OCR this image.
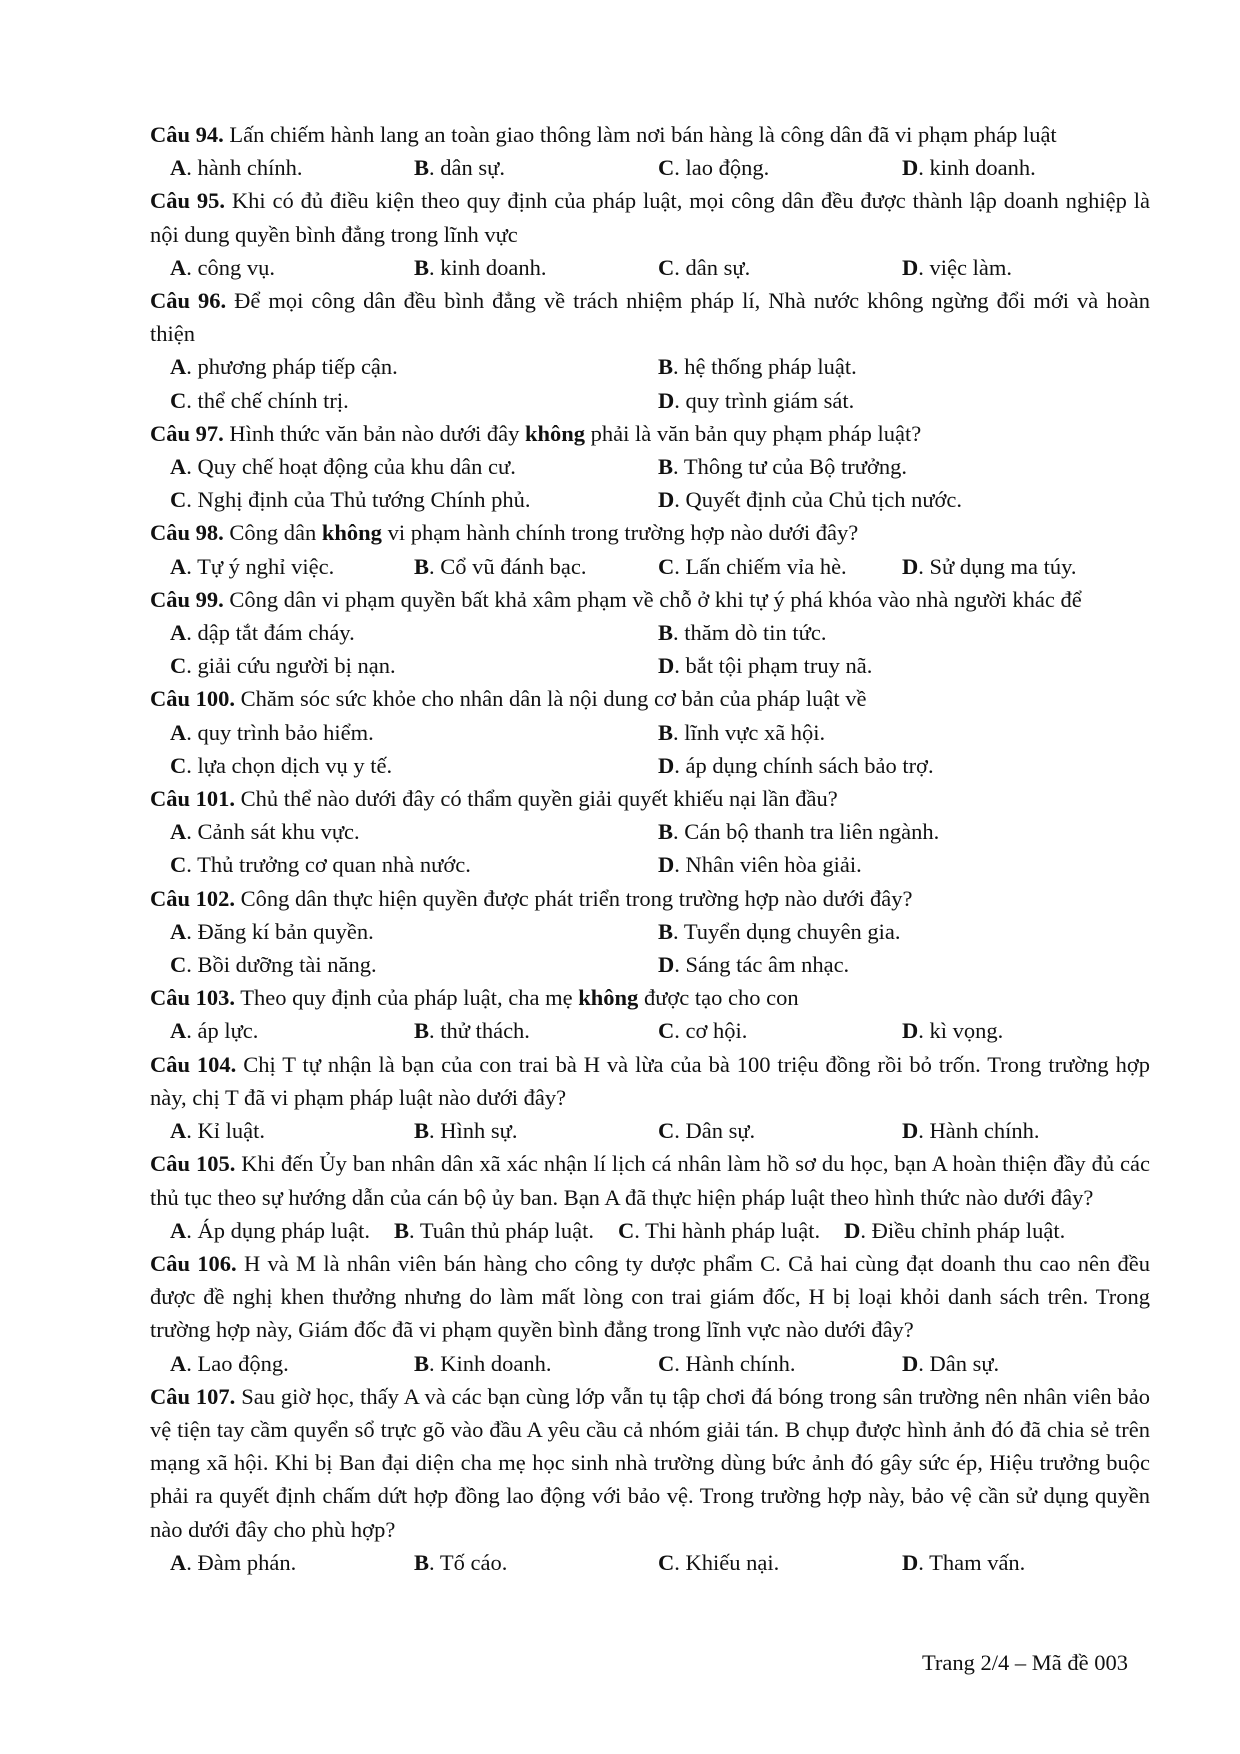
Câu 94. Lấn chiếm hành lang an toàn giao thông làm nơi bán hàng là công dân đã vi phạm pháp luật

A. hành chính.	B. dân sự.	C. lao động.	D. kinh doanh.

Câu 95. Khi có đủ điều kiện theo quy định của pháp luật, mọi công dân đều được thành lập doanh nghiệp là nội dung quyền bình đẳng trong lĩnh vực

A. công vụ.	B. kinh doanh.	C. dân sự.	D. việc làm.

Câu 96. Để mọi công dân đều bình đẳng về trách nhiệm pháp lí, Nhà nước không ngừng đổi mới và hoàn thiện

A. phương pháp tiếp cận.	B. hệ thống pháp luật.
C. thể chế chính trị.	D. quy trình giám sát.

Câu 97. Hình thức văn bản nào dưới đây không phải là văn bản quy phạm pháp luật?

A. Quy chế hoạt động của khu dân cư.	B. Thông tư của Bộ trưởng.
C. Nghị định của Thủ tướng Chính phủ.	D. Quyết định của Chủ tịch nước.

Câu 98. Công dân không vi phạm hành chính trong trường hợp nào dưới đây?

A. Tự ý nghỉ việc.	B. Cổ vũ đánh bạc.	C. Lấn chiếm vỉa hè.	D. Sử dụng ma túy.

Câu 99. Công dân vi phạm quyền bất khả xâm phạm về chỗ ở khi tự ý phá khóa vào nhà người khác để

A. dập tắt đám cháy.	B. thăm dò tin tức.
C. giải cứu người bị nạn.	D. bắt tội phạm truy nã.

Câu 100. Chăm sóc sức khỏe cho nhân dân là nội dung cơ bản của pháp luật về

A. quy trình bảo hiểm.	B. lĩnh vực xã hội.
C. lựa chọn dịch vụ y tế.	D. áp dụng chính sách bảo trợ.

Câu 101. Chủ thể nào dưới đây có thẩm quyền giải quyết khiếu nại lần đầu?

A. Cảnh sát khu vực.	B. Cán bộ thanh tra liên ngành.
C. Thủ trưởng cơ quan nhà nước.	D. Nhân viên hòa giải.

Câu 102. Công dân thực hiện quyền được phát triển trong trường hợp nào dưới đây?

A. Đăng kí bản quyền.	B. Tuyển dụng chuyên gia.
C. Bồi dưỡng tài năng.	D. Sáng tác âm nhạc.

Câu 103. Theo quy định của pháp luật, cha mẹ không được tạo cho con

A. áp lực.	B. thử thách.	C. cơ hội.	D. kì vọng.

Câu 104. Chị T tự nhận là bạn của con trai bà H và lừa của bà 100 triệu đồng rồi bỏ trốn. Trong trường hợp này, chị T đã vi phạm pháp luật nào dưới đây?

A. Kỉ luật.	B. Hình sự.	C. Dân sự.	D. Hành chính.

Câu 105. Khi đến Ủy ban nhân dân xã xác nhận lí lịch cá nhân làm hồ sơ du học, bạn A hoàn thiện đầy đủ các thủ tục theo sự hướng dẫn của cán bộ ủy ban. Bạn A đã thực hiện pháp luật theo hình thức nào dưới đây?

A. Áp dụng pháp luật. B. Tuân thủ pháp luật. C. Thi hành pháp luật. D. Điều chỉnh pháp luật.

Câu 106. H và M là nhân viên bán hàng cho công ty dược phẩm C. Cả hai cùng đạt doanh thu cao nên đều được đề nghị khen thưởng nhưng do làm mất lòng con trai giám đốc, H bị loại khỏi danh sách trên. Trong trường hợp này, Giám đốc đã vi phạm quyền bình đẳng trong lĩnh vực nào dưới đây?

A. Lao động.	B. Kinh doanh.	C. Hành chính.	D. Dân sự.

Câu 107. Sau giờ học, thấy A và các bạn cùng lớp vẫn tụ tập chơi đá bóng trong sân trường nên nhân viên bảo vệ tiện tay cầm quyển sổ trực gõ vào đầu A yêu cầu cả nhóm giải tán. B chụp được hình ảnh đó đã chia sẻ trên mạng xã hội. Khi bị Ban đại diện cha mẹ học sinh nhà trường dùng bức ảnh đó gây sức ép, Hiệu trưởng buộc phải ra quyết định chấm dứt hợp đồng lao động với bảo vệ. Trong trường hợp này, bảo vệ cần sử dụng quyền nào dưới đây cho phù hợp?

A. Đàm phán.	B. Tố cáo.	C. Khiếu nại.	D. Tham vấn.
Trang 2/4 – Mã đề 003
